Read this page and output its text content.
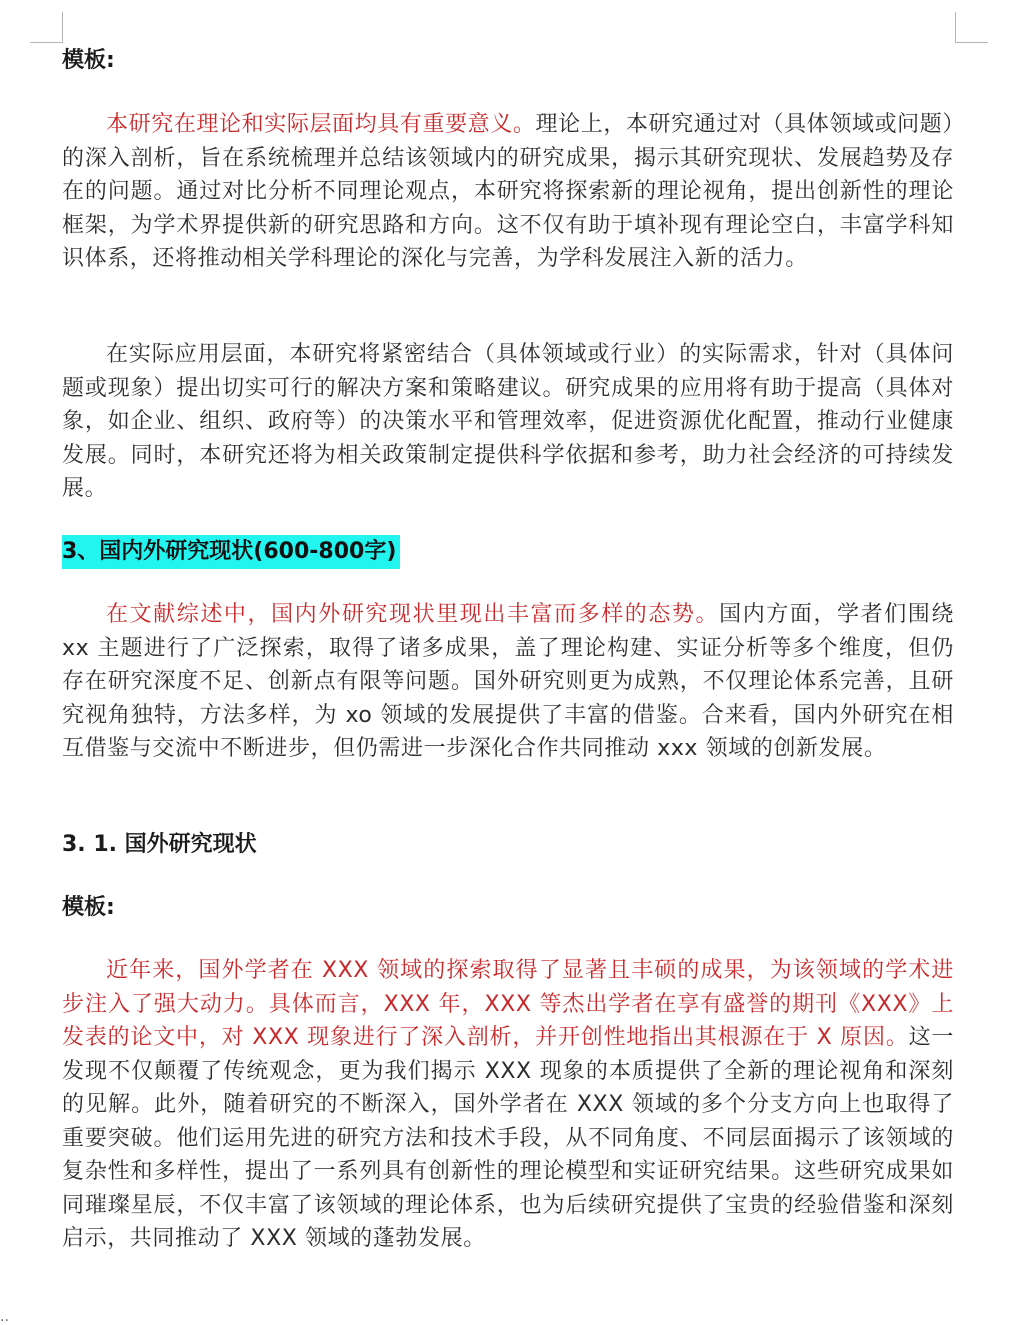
模板:

本研究在理论和实际层面均具有重要意义。理论上，本研究通过对（具体领域或问题）的深入剖析，旨在系统梳理并总结该领域内的研究成果，揭示其研究现状、发展趋势及存在的问题。通过对比分析不同理论观点，本研究将探索新的理论视角，提出创新性的理论框架，为学术界提供新的研究思路和方向。这不仅有助于填补现有理论空白，丰富学科知识体系，还将推动相关学科理论的深化与完善，为学科发展注入新的活力。

在实际应用层面，本研究将紧密结合（具体领域或行业）的实际需求，针对（具体问题或现象）提出切实可行的解决方案和策略建议。研究成果的应用将有助于提高（具体对象，如企业、组织、政府等）的决策水平和管理效率，促进资源优化配置，推动行业健康发展。同时，本研究还将为相关政策制定提供科学依据和参考，助力社会经济的可持续发展。

3、国内外研究现状(600-800字)

在文献综述中，国内外研究现状里现出丰富而多样的态势。国内方面，学者们围绕 xx 主题进行了广泛探索，取得了诸多成果，盖了理论构建、实证分析等多个维度，但仍存在研究深度不足、创新点有限等问题。国外研究则更为成熟，不仅理论体系完善，且研究视角独特，方法多样，为 xo 领域的发展提供了丰富的借鉴。合来看，国内外研究在相互借鉴与交流中不断进步，但仍需进一步深化合作共同推动 xxx 领域的创新发展。

3. 1. 国外研究现状
模板:

近年来，国外学者在 XXX 领域的探索取得了显著且丰硕的成果，为该领域的学术进步注入了强大动力。具体而言，XXX 年，XXX 等杰出学者在享有盛誉的期刊《XXX》上发表的论文中，对 XXX 现象进行了深入剖析，并开创性地指出其根源在于 X 原因。这一发现不仅颠覆了传统观念，更为我们揭示 XXX 现象的本质提供了全新的理论视角和深刻的见解。此外，随着研究的不断深入，国外学者在 XXX 领域的多个分支方向上也取得了重要突破。他们运用先进的研究方法和技术手段，从不同角度、不同层面揭示了该领域的复杂性和多样性，提出了一系列具有创新性的理论模型和实证研究结果。这些研究成果如同璀璨星辰，不仅丰富了该领域的理论体系，也为后续研究提供了宝贵的经验借鉴和深刻启示，共同推动了 XXX 领域的蓬勃发展。

..
